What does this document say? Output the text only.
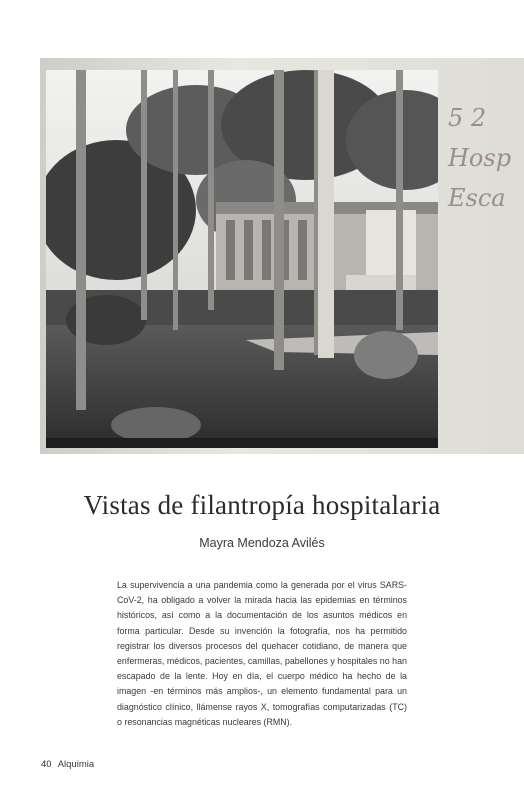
5 2
Hosp
Esca
Vistas de filantropía hospitalaria
Mayra Mendoza Avilés

La supervivencia a una pandemia como la generada por el virus SARS-CoV-2, ha obligado a volver la mirada hacia las epidemias en términos históricos, así como a la documentación de los asuntos médicos en forma particular. Desde su invención la fotografía, nos ha permitido registrar los diversos procesos del quehacer cotidiano, de manera que enfermeras, médicos, pacientes, camillas, pabellones y hospitales no han escapado de la lente. Hoy en día, el cuerpo médico ha hecho de la imagen -en términos más amplios-, un elemento fundamental para un diagnóstico clínico, llámense rayos X, tomografías computarizadas (TC) o resonancias magnéticas nucleares (RMN).

40 Alquimia
